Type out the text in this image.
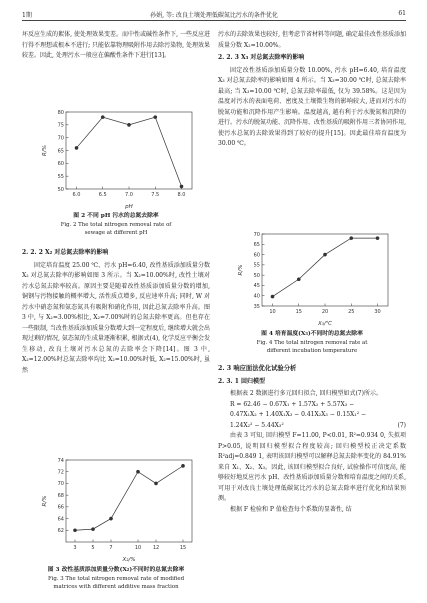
1期	孙娟, 等: 改良土壤处理低碳氮比污水的条件优化	61

坏反应生成的絮体, 使处理效果变差。而中性或碱性条件下, 一些反应进行得不理想或根本不进行; 只能依靠物理吸附作用去除污染物, 处理效果较差。因此, 处理污水一般应在偏酸性条件下进行[13]。

50
55
60
65
70
75
80
6.0	6.5	7.0	7.5	8.0
pH
R/%
图 2 不同 pH 污水的总氮去除率
Fig. 2 The total nitrogen removal rate of
sewage at different pH
2. 2. 2 X₂ 对总氮去除率的影响

固定培育温度 25.00 ℃、污水 pH=6.40, 改性基质添加质量分数 X₂ 对总氮去除率的影响如图 3 所示。当 X₂=10.00%时, 改性土壤对污水总氮去除率较高。原因主要是随着改性基质添加质量分数的增加, 铜钢与污物接触的概率增大, 活性质点增多, 反应速率升高; 同时, W 对污水中硝态氮和氨态氮具有吸附和硝化作用, 因此总氮去除率升高。图 3 中, 与 X₂=3.00%相比, X₂=7.00%时的总氮去除率更高。但也存在一些限制, 当改性基质添加质量分数增大到一定程度后, 继续增大就会出现过剩的情况, 氨态氮的生成量逐渐积累, 根据式(4), 化学反应平衡会发生移动, 改良土壤对污水总氮的去除率会下降[14]。图 3 中, X₂=12.00%时总氮去除率均比 X₂=10.00%时低, X₂=15.00%时, 虽然

62
64
66
68
70
72
74
3	5	7	10 12	15
X₂/%
R/%
图 3 改性基质添加质量分数(X₂)不同时的总氮去除率
Fig. 3 The total nitrogen removal rate of modified
matrices with different additive mass fraction

污水的去除效果也较好, 但考虑节省材料等问题, 确定最佳改性基质添加质量分数 X₂=10.00%。

2. 2. 3 X₃ 对总氮去除率的影响

固定改性基质添加质量分数 10.00%, 污水 pH=6.40, 培育温度 X₃ 对总氮去除率的影响如图 4 所示。当 X₃=30.00 ℃时, 总氮去除率最高; 当 X₃=10.00 ℃时, 总氮去除率最低, 仅为 39.58%。这是因为温度对污水的表面电荷、密度及土壤微生物的影响较大, 进而对污水的脱氮功能和沉降作用产生影响。温度越高, 越有利于污水脱氮和沉降的进行。污水的脱氮功能、沉降作用、改性基质的吸附作用三者协同作用, 使污水总氮的去除效果得到了较好的提升[15]。因此最佳培育温度为 30.00 ℃。

35
40
45
50
55
60
65
70
10	15	20	25	30
X₃/℃
R/%
图 4 培育温度(X₃)不同时的总氮去除率
Fig. 4 The total nitrogen removal rate at
different incubation temperature
2. 3 响应面法优化试验分析
2. 3. 1 回归模型

根据表 2 数据进行多元回归拟合, 回归模型如式(7)所示。

R = 62.46 − 0.67X₁ + 1.57X₂ + 5.57X₃ −

0.47X₁X₂ + 1.40X₁X₃ − 0.41X₂X₃ − 0.15X₁² −

1.24X₂² − 5.44X₃²	(7)

由表 3 可知, 回归模型 F=11.00, P<0.01, R²=0.934 0, 失拟项 P>0.05, 说明回归模型拟合程度较高; 回归模型校正决定系数 R²adj=0.849 1, 表明该回归模型可以解释总氮去除率变化的 84.91%来自 X₁、X₂、X₃。因此, 该回归模型拟合良好, 试验操作可信度高, 能够较好地反应污水 pH、改性基质添加质量分数和培育温度之间的关系, 可用于对改良土壤处理低碳氮比污水的总氮去除率进行优化和结果预测。

根据 F 检验和 P 值检查每个系数的显著性, 结
